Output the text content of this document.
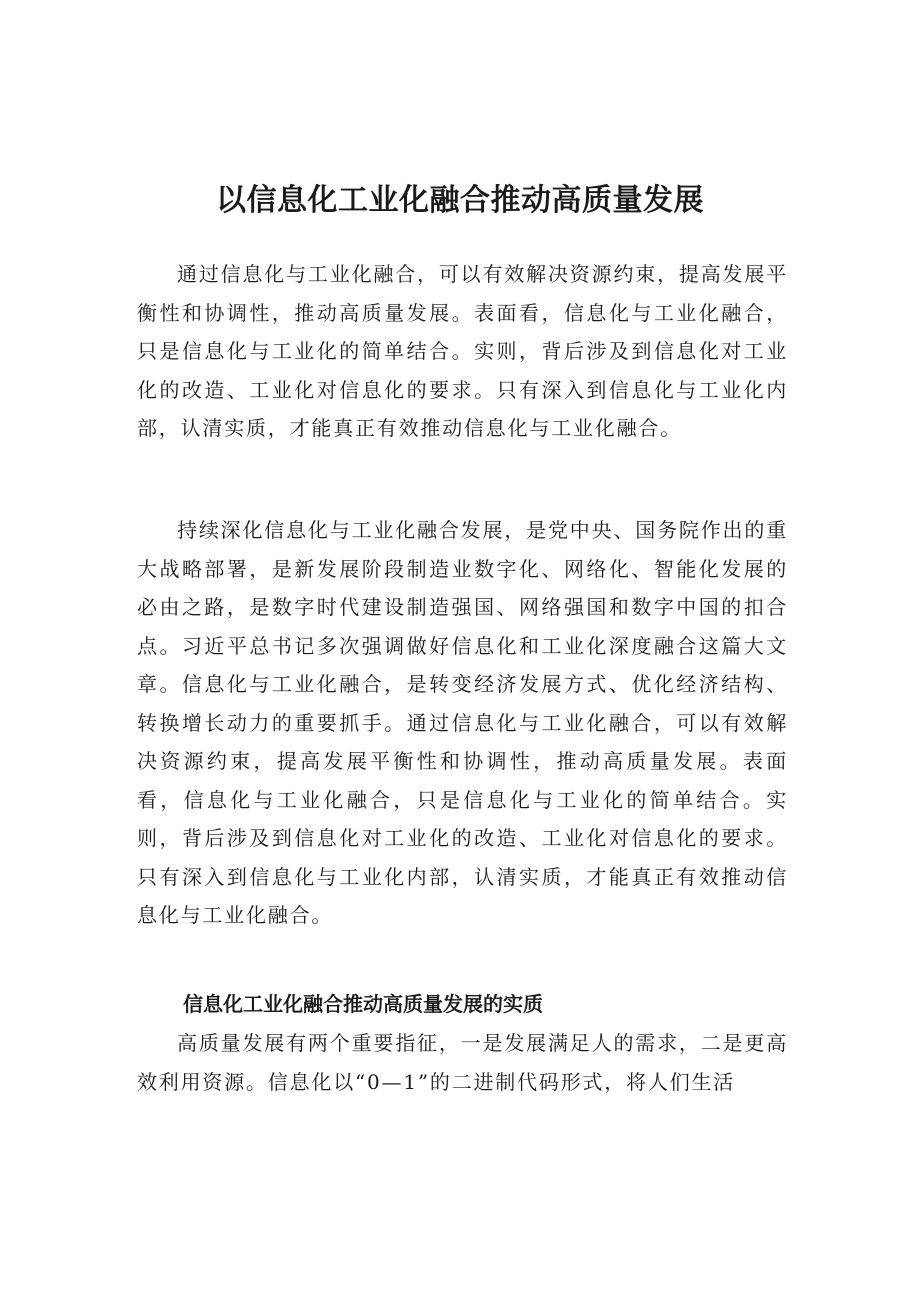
以信息化工业化融合推动高质量发展

通过信息化与工业化融合，可以有效解决资源约束，提高发展平衡性和协调性，推动高质量发展。表面看，信息化与工业化融合，只是信息化与工业化的简单结合。实则，背后涉及到信息化对工业化的改造、工业化对信息化的要求。只有深入到信息化与工业化内部，认清实质，才能真正有效推动信息化与工业化融合。

持续深化信息化与工业化融合发展，是党中央、国务院作出的重大战略部署，是新发展阶段制造业数字化、网络化、智能化发展的必由之路，是数字时代建设制造强国、网络强国和数字中国的扣合点。习近平总书记多次强调做好信息化和工业化深度融合这篇大文章。信息化与工业化融合，是转变经济发展方式、优化经济结构、转换增长动力的重要抓手。通过信息化与工业化融合，可以有效解决资源约束，提高发展平衡性和协调性，推动高质量发展。表面看，信息化与工业化融合，只是信息化与工业化的简单结合。实则，背后涉及到信息化对工业化的改造、工业化对信息化的要求。只有深入到信息化与工业化内部，认清实质，才能真正有效推动信息化与工业化融合。

信息化工业化融合推动高质量发展的实质

高质量发展有两个重要指征，一是发展满足人的需求，二是更高效利用资源。信息化以“0—1”的二进制代码形式，将人们生活
